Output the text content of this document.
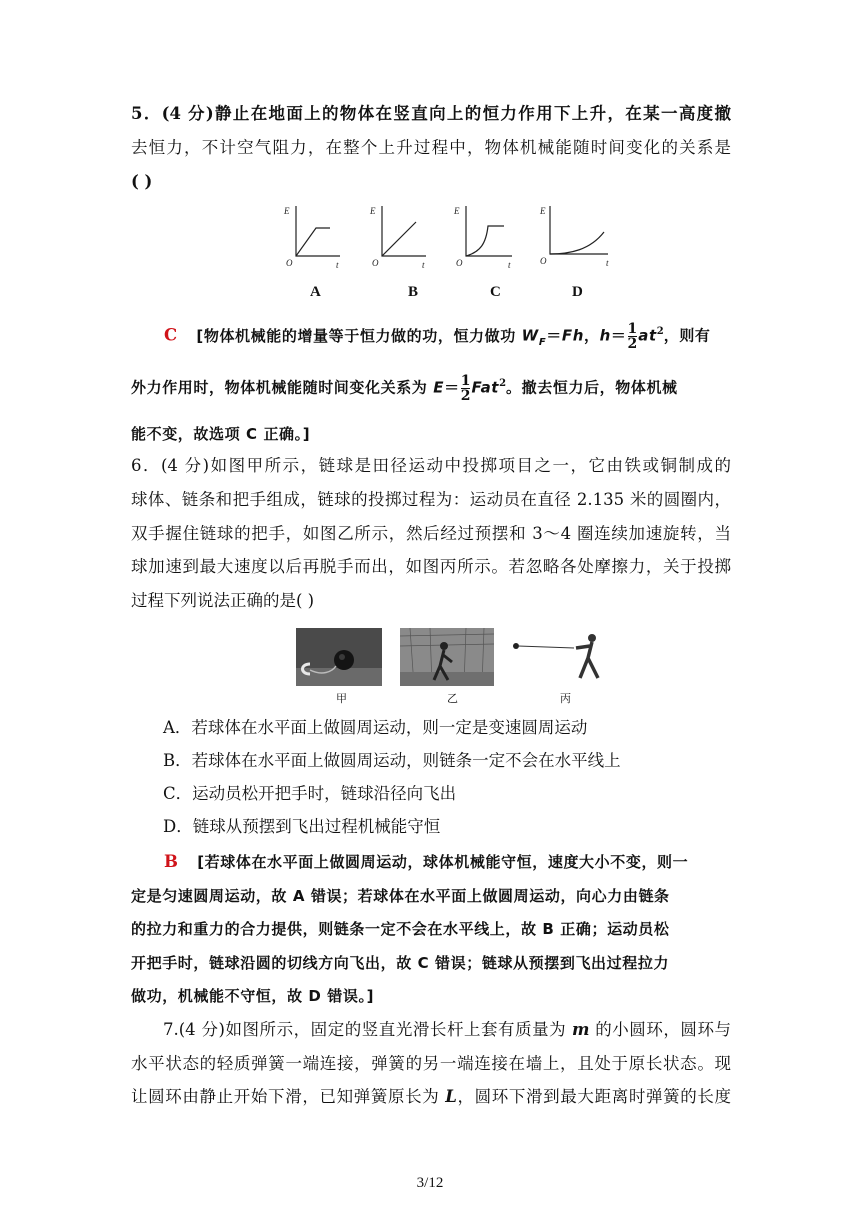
5．(4 分)静止在地面上的物体在竖直向上的恒力作用下上升，在某一高度撤

去恒力，不计空气阻力，在整个上升过程中，物体机械能随时间变化的关系是

( )

E
O	t
E
O	t
E
O	t
E
O	t
A	B	C	D

C [物体机械能的增量等于恒力做的功，恒力做功 $W_F=Fh$，$h= \frac{1}{2} at^2$，则有

外力作用时，物体机械能随时间变化关系为 $E= \frac{1}{2} Fat^2$。撤去恒力后，物体机械

能不变，故选项 C 正确。]

6．(4 分)如图甲所示，链球是田径运动中投掷项目之一，它由铁或铜制成的

球体、链条和把手组成，链球的投掷过程为：运动员在直径 2.135 米的圆圈内，

双手握住链球的把手，如图乙所示，然后经过预摆和 3～4 圈连续加速旋转，当

球加速到最大速度以后再脱手而出，如图丙所示。若忽略各处摩擦力，关于投掷

过程下列说法正确的是( )

甲	乙	丙

A．若球体在水平面上做圆周运动，则一定是变速圆周运动

B．若球体在水平面上做圆周运动，则链条一定不会在水平线上

C．运动员松开把手时，链球沿径向飞出

D．链球从预摆到飞出过程机械能守恒

B [若球体在水平面上做圆周运动，球体机械能守恒，速度大小不变，则一

定是匀速圆周运动，故 A 错误；若球体在水平面上做圆周运动，向心力由链条

的拉力和重力的合力提供，则链条一定不会在水平线上，故 B 正确；运动员松

开把手时，链球沿圆的切线方向飞出，故 C 错误；链球从预摆到飞出过程拉力

做功，机械能不守恒，故 D 错误。]

7.(4 分)如图所示，固定的竖直光滑长杆上套有质量为 m 的小圆环，圆环与

水平状态的轻质弹簧一端连接，弹簧的另一端连接在墙上，且处于原长状态。现

让圆环由静止开始下滑，已知弹簧原长为 L，圆环下滑到最大距离时弹簧的长度

3/12
